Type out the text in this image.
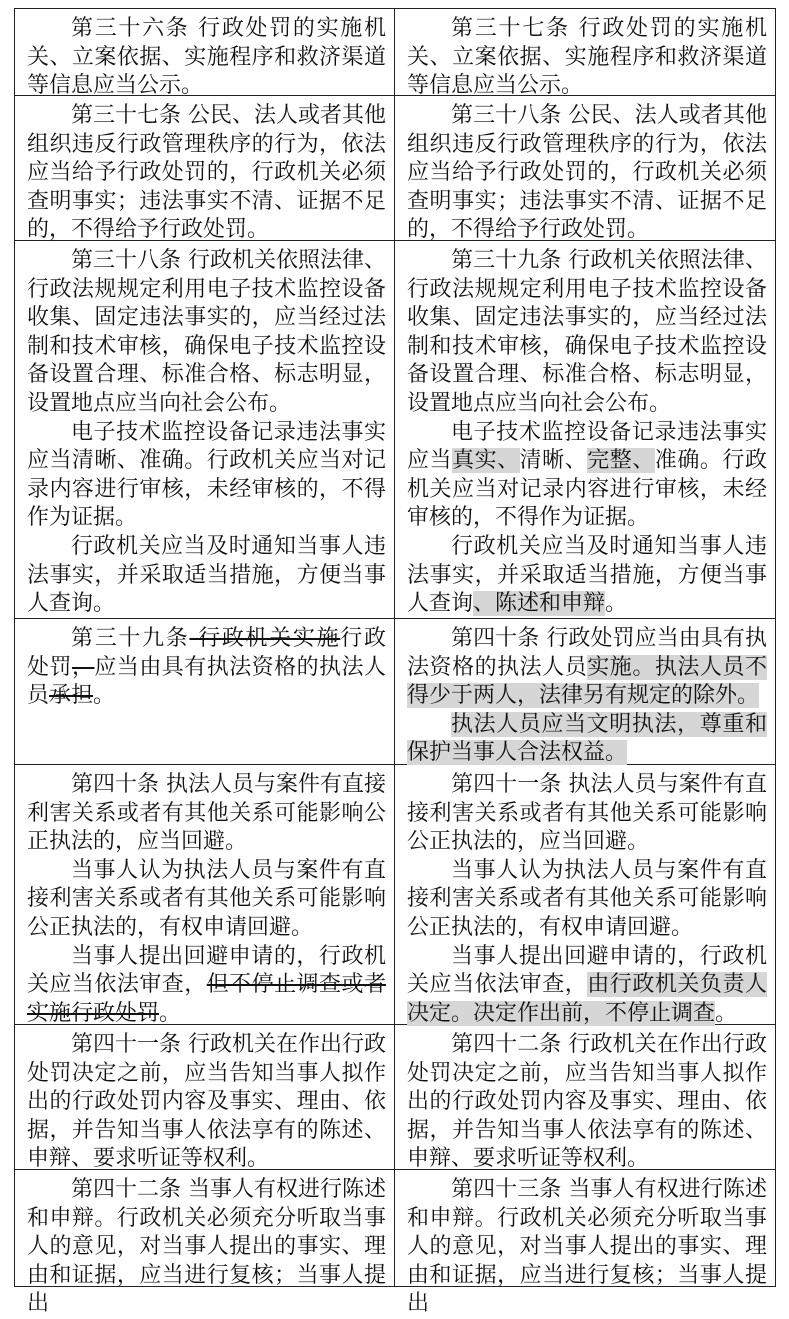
第三十六条 行政处罚的实施机关、立案依据、实施程序和救济渠道等信息应当公示。

第三十七条 行政处罚的实施机关、立案依据、实施程序和救济渠道等信息应当公示。

第三十七条 公民、法人或者其他组织违反行政管理秩序的行为，依法应当给予行政处罚的，行政机关必须查明事实；违法事实不清、证据不足的，不得给予行政处罚。

第三十八条 公民、法人或者其他组织违反行政管理秩序的行为，依法应当给予行政处罚的，行政机关必须查明事实；违法事实不清、证据不足的，不得给予行政处罚。

第三十八条 行政机关依照法律、行政法规规定利用电子技术监控设备收集、固定违法事实的，应当经过法制和技术审核，确保电子技术监控设备设置合理、标准合格、标志明显，设置地点应当向社会公布。

电子技术监控设备记录违法事实应当清晰、准确。行政机关应当对记录内容进行审核，未经审核的，不得作为证据。

行政机关应当及时通知当事人违法事实，并采取适当措施，方便当事人查询。

第三十九条 行政机关依照法律、行政法规规定利用电子技术监控设备收集、固定违法事实的，应当经过法制和技术审核，确保电子技术监控设备设置合理、标准合格、标志明显，设置地点应当向社会公布。

电子技术监控设备记录违法事实应当真实、清晰、完整、准确。行政机关应当对记录内容进行审核，未经审核的，不得作为证据。

行政机关应当及时通知当事人违法事实，并采取适当措施，方便当事人查询、陈述和申辩。

第三十九条 行政机关实施行政处罚，应当由具有执法资格的执法人员承担。

第四十条 行政处罚应当由具有执法资格的执法人员实施。执法人员不得少于两人，法律另有规定的除外。

执法人员应当文明执法，尊重和保护当事人合法权益。

第四十条 执法人员与案件有直接利害关系或者有其他关系可能影响公正执法的，应当回避。

当事人认为执法人员与案件有直接利害关系或者有其他关系可能影响公正执法的，有权申请回避。

当事人提出回避申请的，行政机关应当依法审查，但不停止调查或者实施行政处罚。

第四十一条 执法人员与案件有直接利害关系或者有其他关系可能影响公正执法的，应当回避。

当事人认为执法人员与案件有直接利害关系或者有其他关系可能影响公正执法的，有权申请回避。

当事人提出回避申请的，行政机关应当依法审查，由行政机关负责人决定。决定作出前，不停止调查。

第四十一条 行政机关在作出行政处罚决定之前，应当告知当事人拟作出的行政处罚内容及事实、理由、依据，并告知当事人依法享有的陈述、申辩、要求听证等权利。

第四十二条 行政机关在作出行政处罚决定之前，应当告知当事人拟作出的行政处罚内容及事实、理由、依据，并告知当事人依法享有的陈述、申辩、要求听证等权利。

第四十二条 当事人有权进行陈述和申辩。行政机关必须充分听取当事人的意见，对当事人提出的事实、理由和证据，应当进行复核；当事人提出

第四十三条 当事人有权进行陈述和申辩。行政机关必须充分听取当事人的意见，对当事人提出的事实、理由和证据，应当进行复核；当事人提出
